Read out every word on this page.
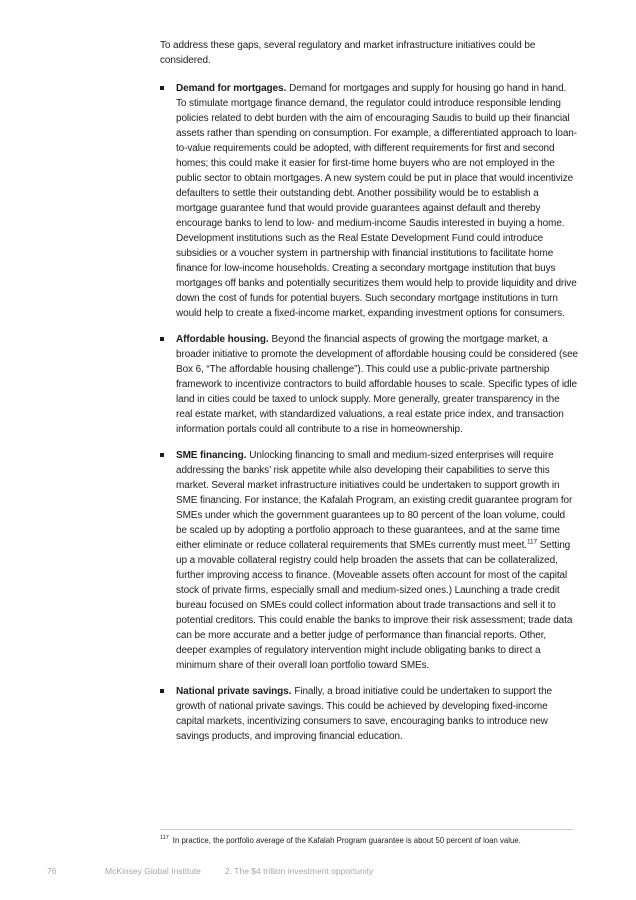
To address these gaps, several regulatory and market infrastructure initiatives could be considered.

Demand for mortgages. Demand for mortgages and supply for housing go hand in hand. To stimulate mortgage finance demand, the regulator could introduce responsible lending policies related to debt burden with the aim of encouraging Saudis to build up their financial assets rather than spending on consumption. For example, a differentiated approach to loan-to-value requirements could be adopted, with different requirements for first and second homes; this could make it easier for first-time home buyers who are not employed in the public sector to obtain mortgages. A new system could be put in place that would incentivize defaulters to settle their outstanding debt. Another possibility would be to establish a mortgage guarantee fund that would provide guarantees against default and thereby encourage banks to lend to low- and medium-income Saudis interested in buying a home. Development institutions such as the Real Estate Development Fund could introduce subsidies or a voucher system in partnership with financial institutions to facilitate home finance for low-income households. Creating a secondary mortgage institution that buys mortgages off banks and potentially securitizes them would help to provide liquidity and drive down the cost of funds for potential buyers. Such secondary mortgage institutions in turn would help to create a fixed-income market, expanding investment options for consumers.

Affordable housing. Beyond the financial aspects of growing the mortgage market, a broader initiative to promote the development of affordable housing could be considered (see Box 6, “The affordable housing challenge”). This could use a public-private partnership framework to incentivize contractors to build affordable houses to scale. Specific types of idle land in cities could be taxed to unlock supply. More generally, greater transparency in the real estate market, with standardized valuations, a real estate price index, and transaction information portals could all contribute to a rise in homeownership.

SME financing. Unlocking financing to small and medium-sized enterprises will require addressing the banks’ risk appetite while also developing their capabilities to serve this market. Several market infrastructure initiatives could be undertaken to support growth in SME financing. For instance, the Kafalah Program, an existing credit guarantee program for SMEs under which the government guarantees up to 80 percent of the loan volume, could be scaled up by adopting a portfolio approach to these guarantees, and at the same time either eliminate or reduce collateral requirements that SMEs currently must meet.$^{117}$ Setting up a movable collateral registry could help broaden the assets that can be collateralized, further improving access to finance. (Moveable assets often account for most of the capital stock of private firms, especially small and medium-sized ones.) Launching a trade credit bureau focused on SMEs could collect information about trade transactions and sell it to potential creditors. This could enable the banks to improve their risk assessment; trade data can be more accurate and a better judge of performance than financial reports. Other, deeper examples of regulatory intervention might include obligating banks to direct a minimum share of their overall loan portfolio toward SMEs.

National private savings. Finally, a broad initiative could be undertaken to support the growth of national private savings. This could be achieved by developing fixed-income capital markets, incentivizing consumers to save, encouraging banks to introduce new savings products, and improving financial education.

$^{117}$ In practice, the portfolio average of the Kafalah Program guarantee is about 50 percent of loan value.

76	McKinsey Global Institute	2. The $4 trillion investment opportunity
